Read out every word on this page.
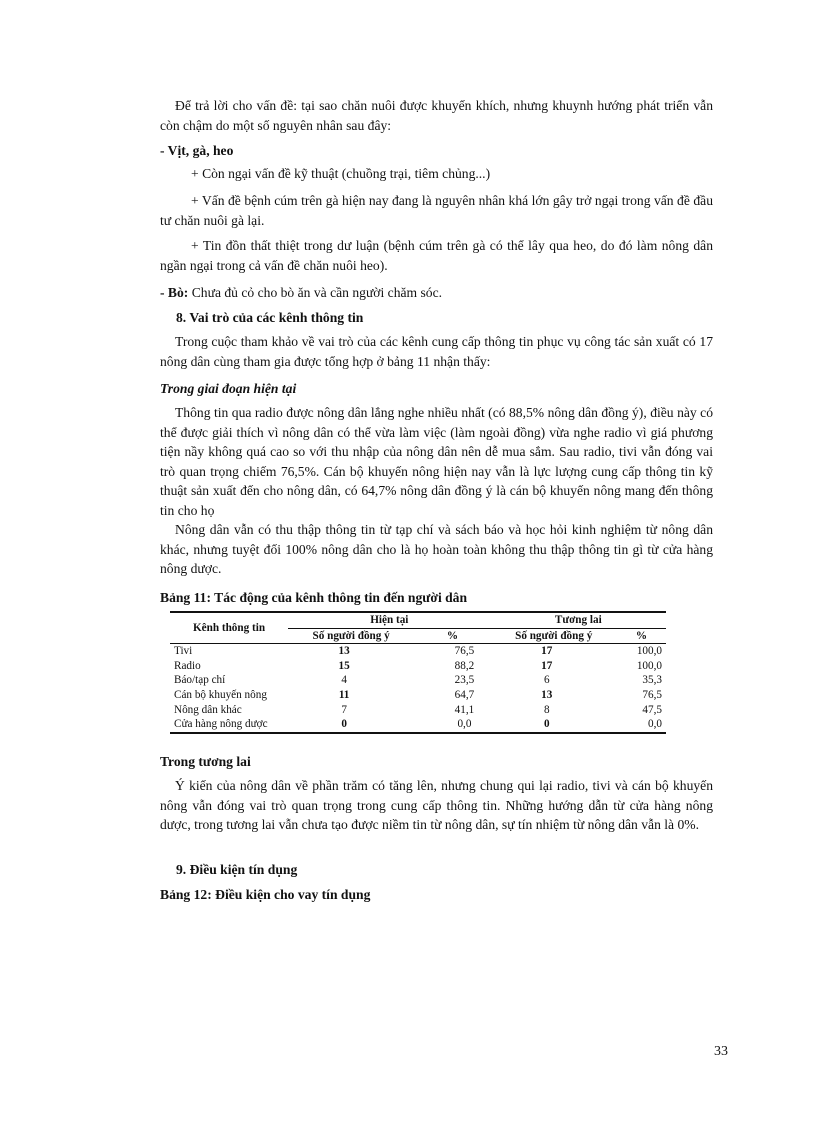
Để trả lời cho vấn đề: tại sao chăn nuôi được khuyến khích, nhưng khuynh hướng phát triển vẫn còn chậm do một số nguyên nhân sau đây:

- Vịt, gà, heo

+ Còn ngại vấn đề kỹ thuật (chuồng trại, tiêm chủng...)

+ Vấn đề bệnh cúm trên gà hiện nay đang là nguyên nhân khá lớn gây trở ngại trong vấn đề đầu tư chăn nuôi gà lại.

+ Tin đồn thất thiệt trong dư luận (bệnh cúm trên gà có thể lây qua heo, do đó làm nông dân ngần ngại trong cả vấn đề chăn nuôi heo).

- Bò: Chưa đủ cỏ cho bò ăn và cần người chăm sóc.

8. Vai trò của các kênh thông tin

Trong cuộc tham khảo về vai trò của các kênh cung cấp thông tin phục vụ công tác sản xuất có 17 nông dân cùng tham gia được tổng hợp ở bảng 11 nhận thấy:

Trong giai đoạn hiện tại

Thông tin qua radio được nông dân lắng nghe nhiều nhất (có 88,5% nông dân đồng ý), điều này có thể được giải thích vì nông dân có thể vừa làm việc (làm ngoài đồng) vừa nghe radio vì giá phương tiện nầy không quá cao so với thu nhập của nông dân nên dễ mua sắm. Sau radio, tivi vẫn đóng vai trò quan trọng chiếm 76,5%. Cán bộ khuyến nông hiện nay vẫn là lực lượng cung cấp thông tin kỹ thuật sản xuất đến cho nông dân, có 64,7% nông dân đồng ý là cán bộ khuyến nông mang đến thông tin cho họ

Nông dân vẫn có thu thập thông tin từ tạp chí và sách báo và học hỏi kinh nghiệm từ nông dân khác, nhưng tuyệt đối 100% nông dân cho là họ hoàn toàn không thu thập thông tin gì từ cửa hàng nông dược.

Bảng 11: Tác động của kênh thông tin đến người dân

Kênh thông tin	Hiện tại		Tương lai	
	Số người đồng ý	%	Số người đồng ý	%
Tivi	13	76,5	17	100,0
Radio	15	88,2	17	100,0
Báo/tạp chí	4	23,5	6	35,3
Cán bộ khuyến nông	11	64,7	13	76,5
Nông dân khác	7	41,1	8	47,5
Cửa hàng nông dược	0	0,0	0	0,0

Trong tương lai

Ý kiến của nông dân về phần trăm có tăng lên, nhưng chung qui lại radio, tivi và cán bộ khuyến nông vẫn đóng vai trò quan trọng trong cung cấp thông tin. Những hướng dẫn từ cửa hàng nông dược, trong tương lai vẫn chưa tạo được niềm tin từ nông dân, sự tín nhiệm từ nông dân vẫn là 0%.

9. Điều kiện tín dụng

Bảng 12: Điều kiện cho vay tín dụng

33
